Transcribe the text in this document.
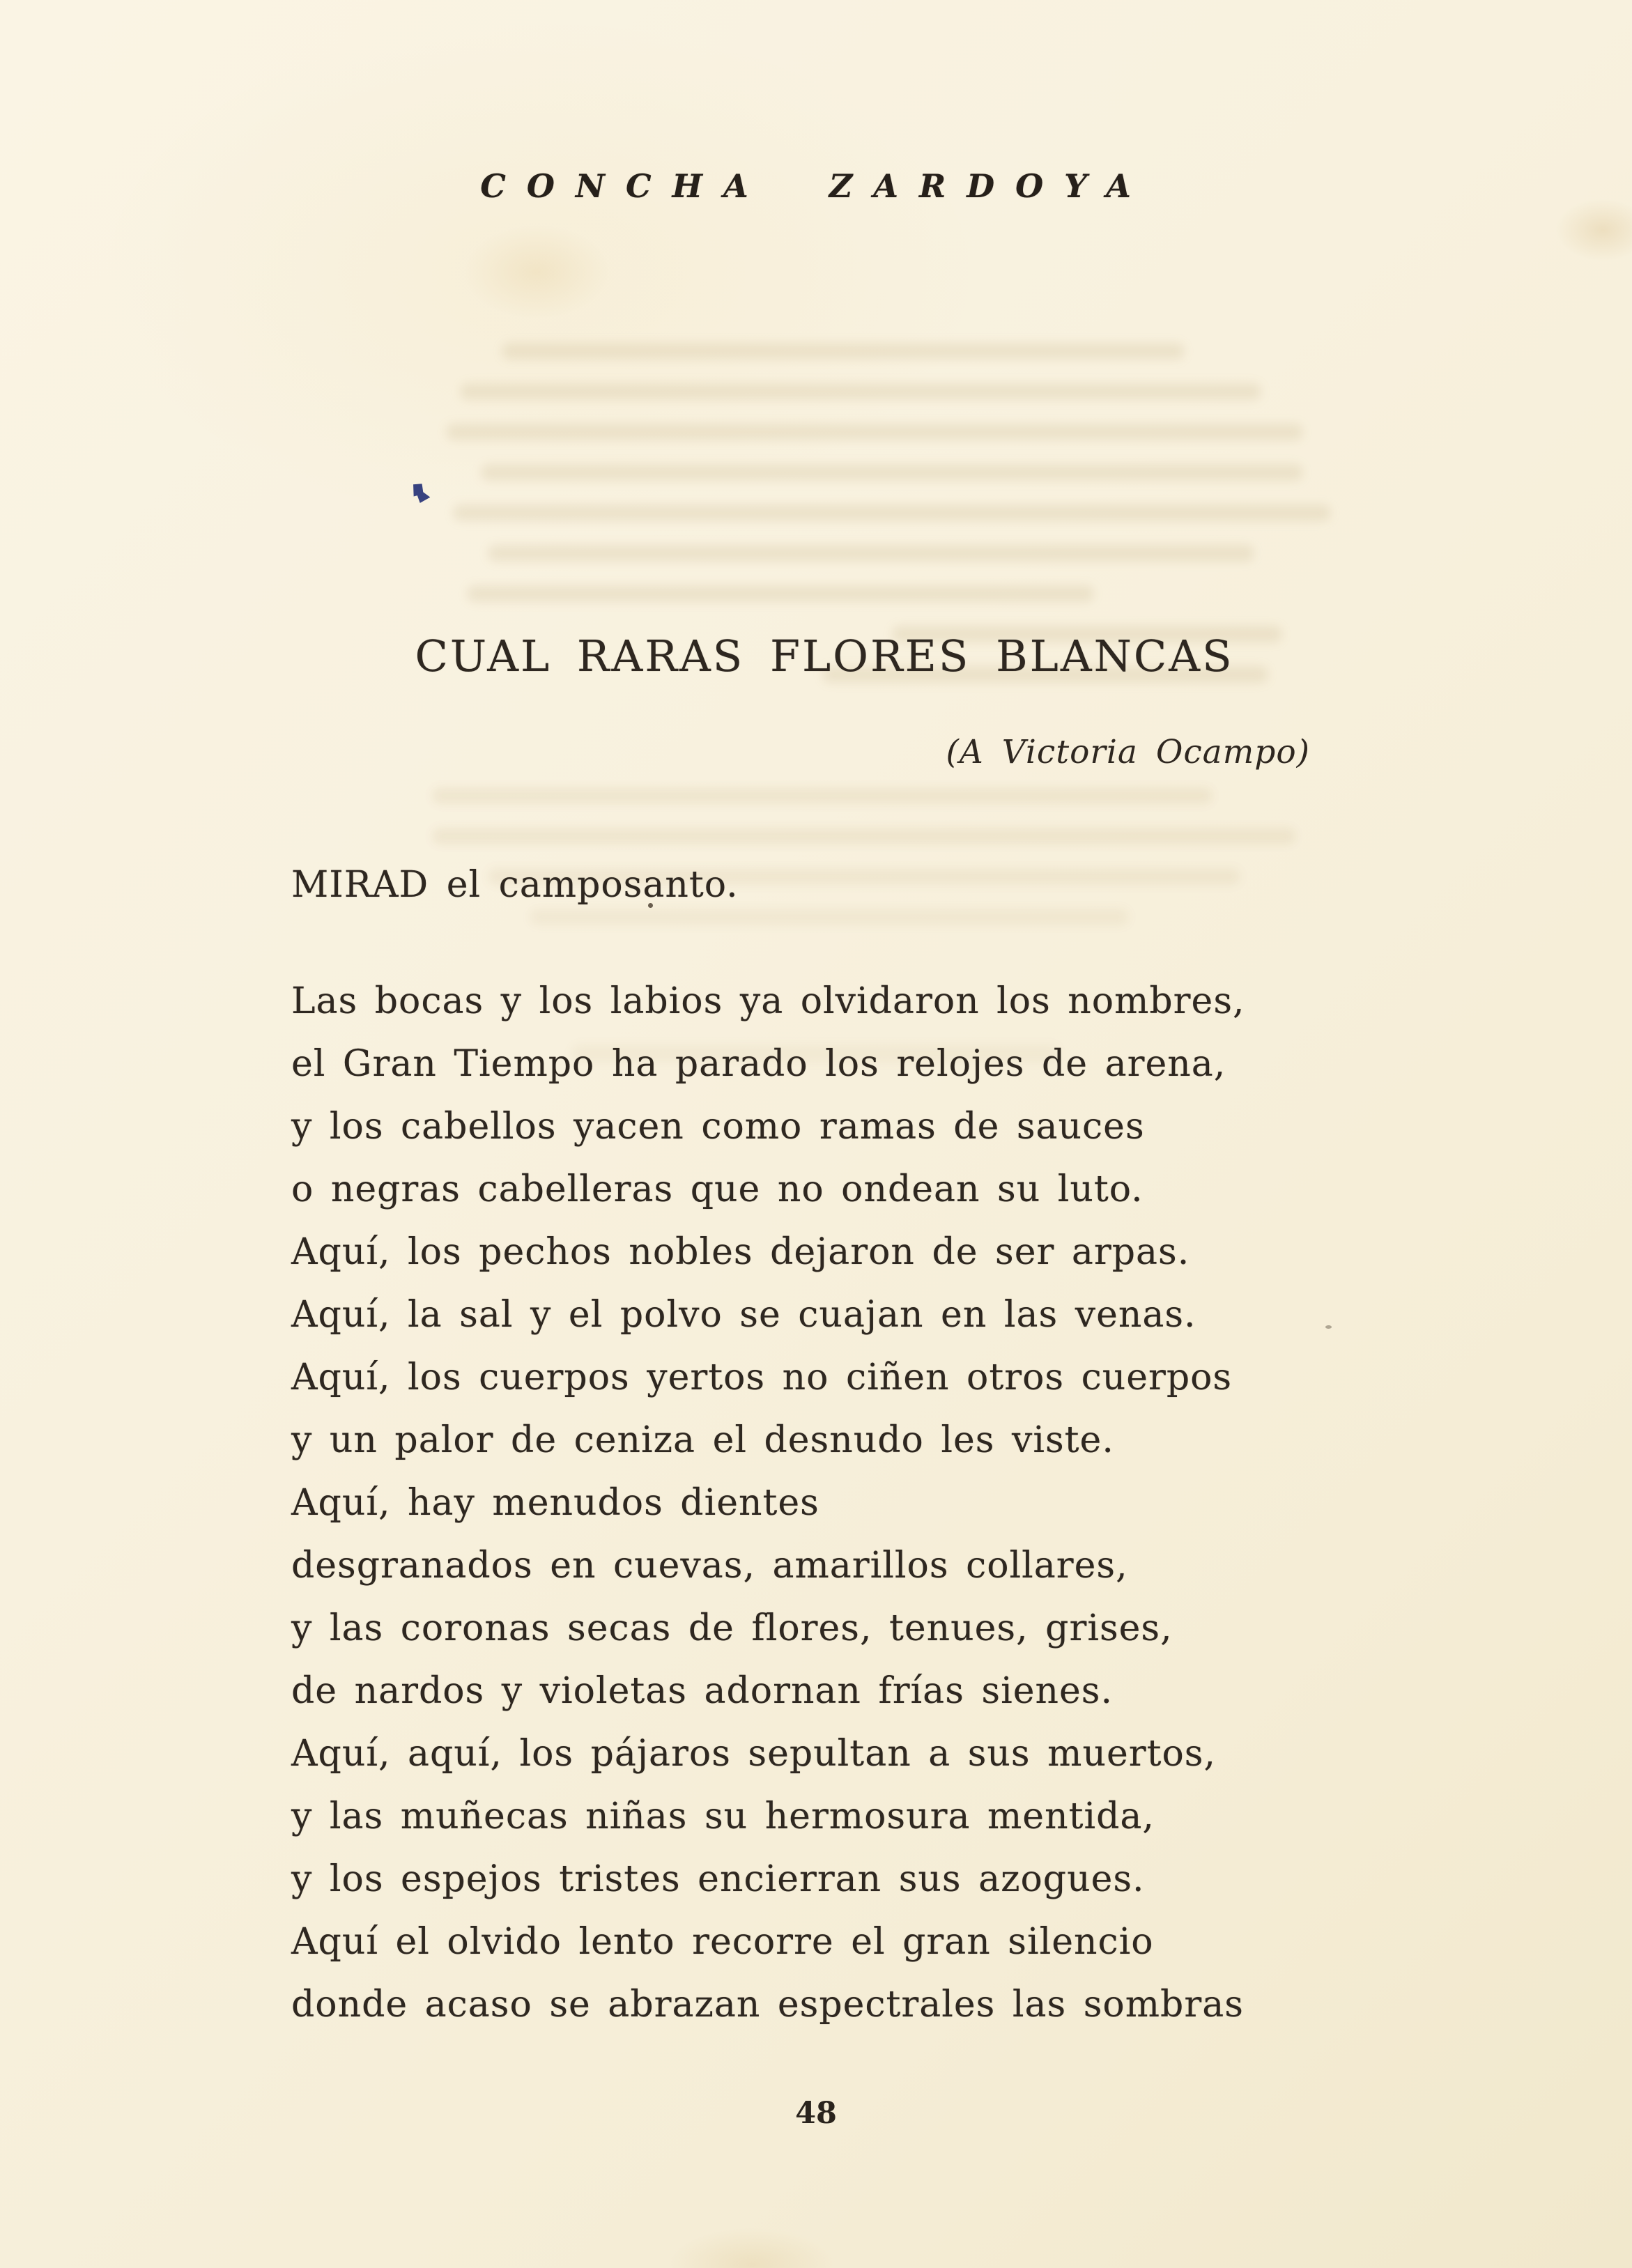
CONCHA ZARDOYA
CUAL RARAS FLORES BLANCAS
(A Victoria Ocampo)
MIRAD el camposanto.
Las bocas y los labios ya olvidaron los nombres,
el Gran Tiempo ha parado los relojes de arena,
y los cabellos yacen como ramas de sauces
o negras cabelleras que no ondean su luto.
Aquí, los pechos nobles dejaron de ser arpas.
Aquí, la sal y el polvo se cuajan en las venas.
Aquí, los cuerpos yertos no ciñen otros cuerpos
y un palor de ceniza el desnudo les viste.
Aquí, hay menudos dientes
desgranados en cuevas, amarillos collares,
y las coronas secas de flores, tenues, grises,
de nardos y violetas adornan frías sienes.
Aquí, aquí, los pájaros sepultan a sus muertos,
y las muñecas niñas su hermosura mentida,
y los espejos tristes encierran sus azogues.
Aquí el olvido lento recorre el gran silencio
donde acaso se abrazan espectrales las sombras
48
